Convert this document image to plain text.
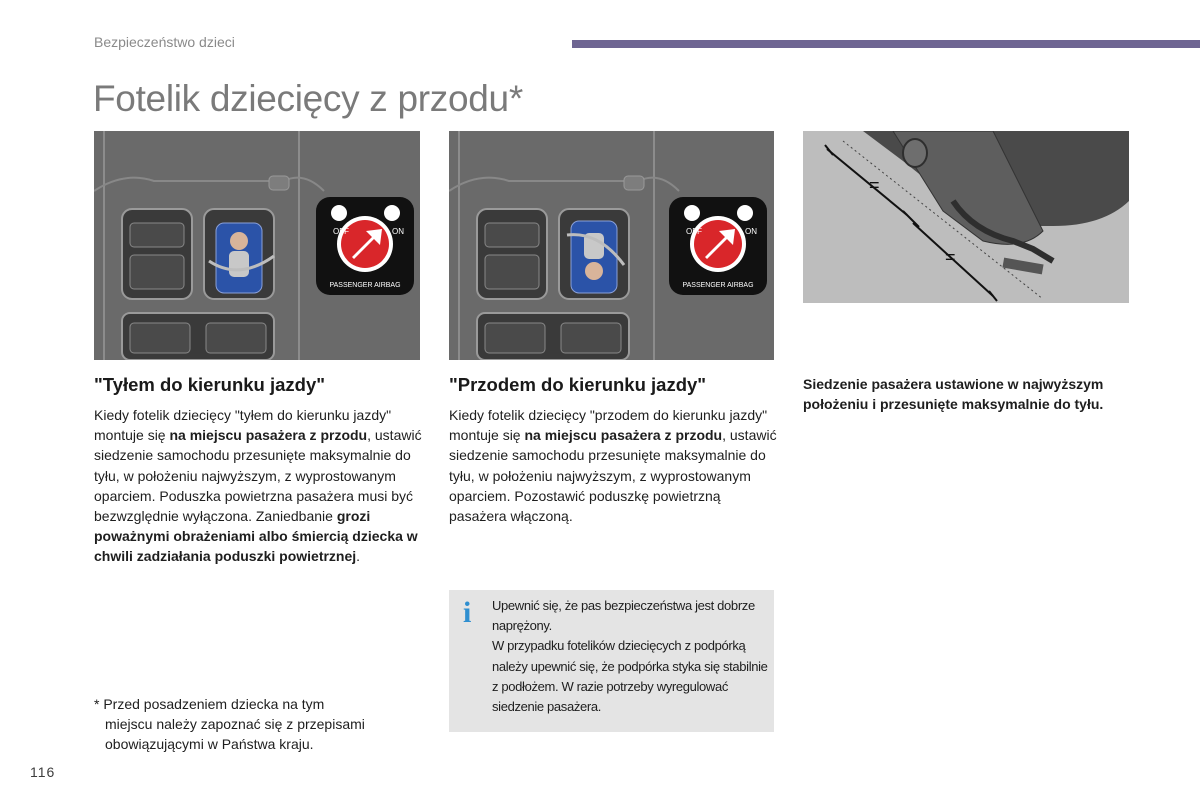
Bezpieczeństwo dzieci
Fotelik dziecięcy z przodu*
OFF	ON
PASSENGER AIRBAG
OFF	ON
PASSENGER AIRBAG
=
=
"Tyłem do kierunku jazdy"

Kiedy fotelik dziecięcy "tyłem do kierunku jazdy" montuje się na miejscu pasażera z przodu, ustawić siedzenie samochodu przesunięte maksymalnie do tyłu, w położeniu najwyższym, z wyprostowanym oparciem. Poduszka powietrzna pasażera musi być bezwzględnie wyłączona. Zaniedbanie grozi poważnymi obrażeniami albo śmiercią dziecka w chwili zadziałania poduszki powietrznej.

"Przodem do kierunku jazdy"

Kiedy fotelik dziecięcy "przodem do kierunku jazdy" montuje się na miejscu pasażera z przodu, ustawić siedzenie samochodu przesunięte maksymalnie do tyłu, w położeniu najwyższym, z wyprostowanym oparciem. Pozostawić poduszkę powietrzną pasażera włączoną.

Siedzenie pasażera ustawione w najwyższym położeniu i przesunięte maksymalnie do tyłu.
i Upewnić się, że pas bezpieczeństwa jest dobrze naprężony.
W przypadku fotelików dziecięcych z podpórką należy upewnić się, że podpórka styka się stabilnie z podłożem. W razie potrzeby wyregulować siedzenie pasażera.
* Przed posadzeniem dziecka na tym
miejscu należy zapoznać się z przepisami
obowiązującymi w Państwa kraju.
116
